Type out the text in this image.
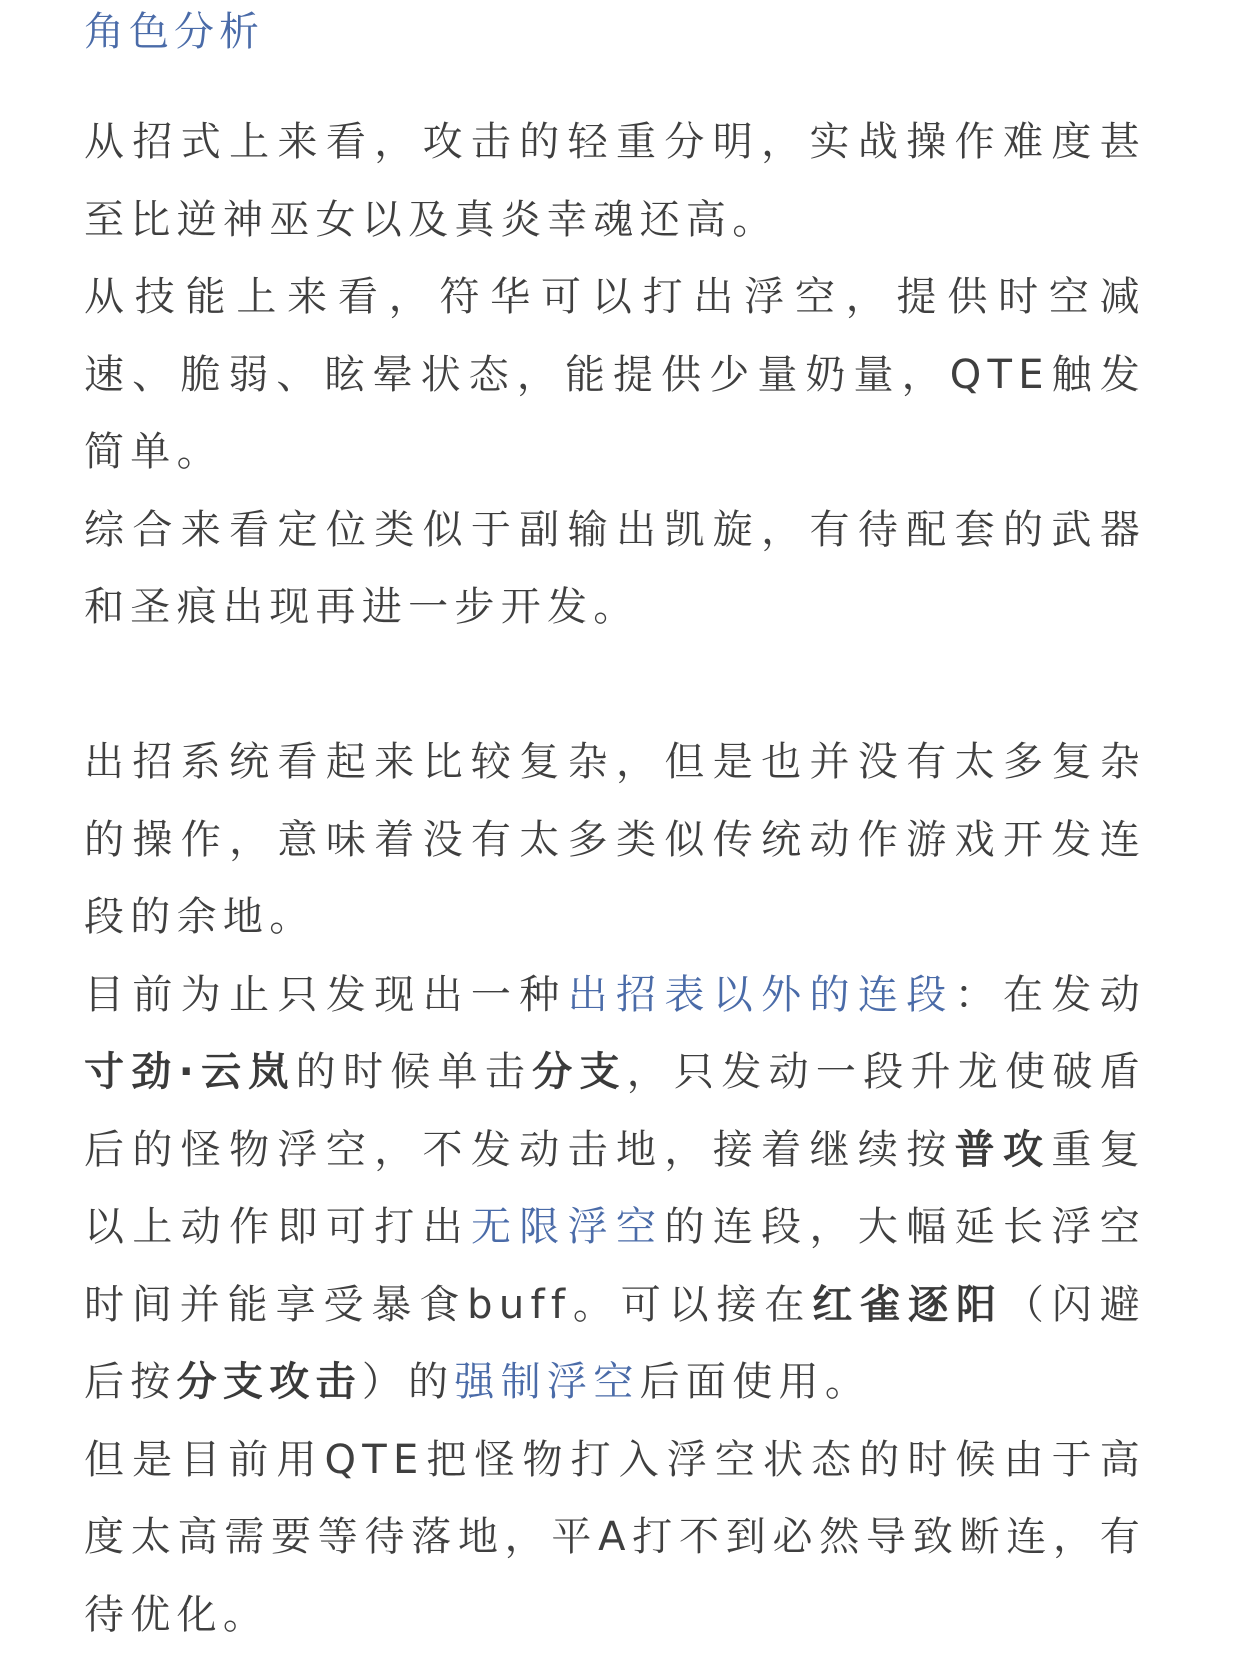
角色分析

从招式上来看，攻击的轻重分明，实战操作难度甚至比逆神巫女以及真炎幸魂还高。

从技能上来看，符华可以打出浮空，提供时空减速、脆弱、眩晕状态，能提供少量奶量，QTE触发简单。

综合来看定位类似于副输出凯旋，有待配套的武器和圣痕出现再进一步开发。

出招系统看起来比较复杂，但是也并没有太多复杂的操作，意味着没有太多类似传统动作游戏开发连段的余地。

目前为止只发现出一种出招表以外的连段：在发动寸劲·云岚的时候单击分支，只发动一段升龙使破盾后的怪物浮空，不发动击地，接着继续按普攻重复以上动作即可打出无限浮空的连段，大幅延长浮空时间并能享受暴食buff。可以接在红雀逐阳（闪避后按分支攻击）的强制浮空后面使用。

但是目前用QTE把怪物打入浮空状态的时候由于高度太高需要等待落地，平A打不到必然导致断连，有待优化。
